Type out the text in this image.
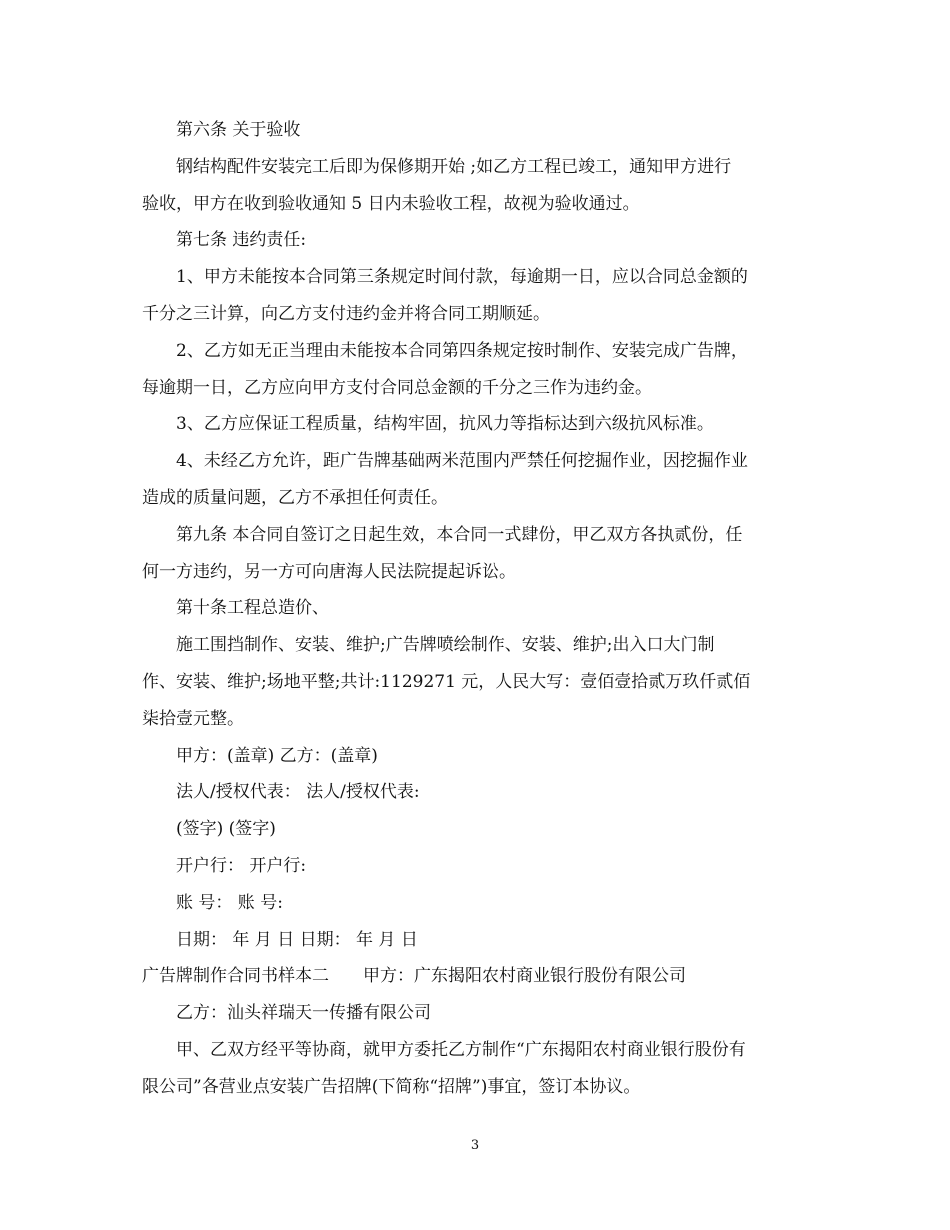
第六条 关于验收
钢结构配件安装完工后即为保修期开始 ;如乙方工程已竣工，通知甲方进行
验收，甲方在收到验收通知 5 日内未验收工程，故视为验收通过。
第七条 违约责任:
1、甲方未能按本合同第三条规定时间付款，每逾期一日，应以合同总金额的
千分之三计算，向乙方支付违约金并将合同工期顺延。
2、乙方如无正当理由未能按本合同第四条规定按时制作、安装完成广告牌，
每逾期一日，乙方应向甲方支付合同总金额的千分之三作为违约金。
3、乙方应保证工程质量，结构牢固，抗风力等指标达到六级抗风标准。
4、未经乙方允许，距广告牌基础两米范围内严禁任何挖掘作业，因挖掘作业
造成的质量问题，乙方不承担任何责任。
第九条 本合同自签订之日起生效，本合同一式肆份，甲乙双方各执贰份，任
何一方违约，另一方可向唐海人民法院提起诉讼。
第十条工程总造价、
施工围挡制作、安装、维护;广告牌喷绘制作、安装、维护;出入口大门制
作、安装、维护;场地平整;共计:1129271 元，人民大写：壹佰壹拾贰万玖仟贰佰
柒拾壹元整。
甲方：(盖章) 乙方：(盖章)
法人/授权代表： 法人/授权代表:
(签字) (签字)
开户行： 开户行:
账 号： 账 号:
日期： 年 月 日 日期： 年 月 日
广告牌制作合同书样本二　　甲方：广东揭阳农村商业银行股份有限公司
乙方：汕头祥瑞天一传播有限公司
甲、乙双方经平等协商，就甲方委托乙方制作“广东揭阳农村商业银行股份有
限公司”各营业点安装广告招牌(下简称“招牌”)事宜，签订本协议。
3
